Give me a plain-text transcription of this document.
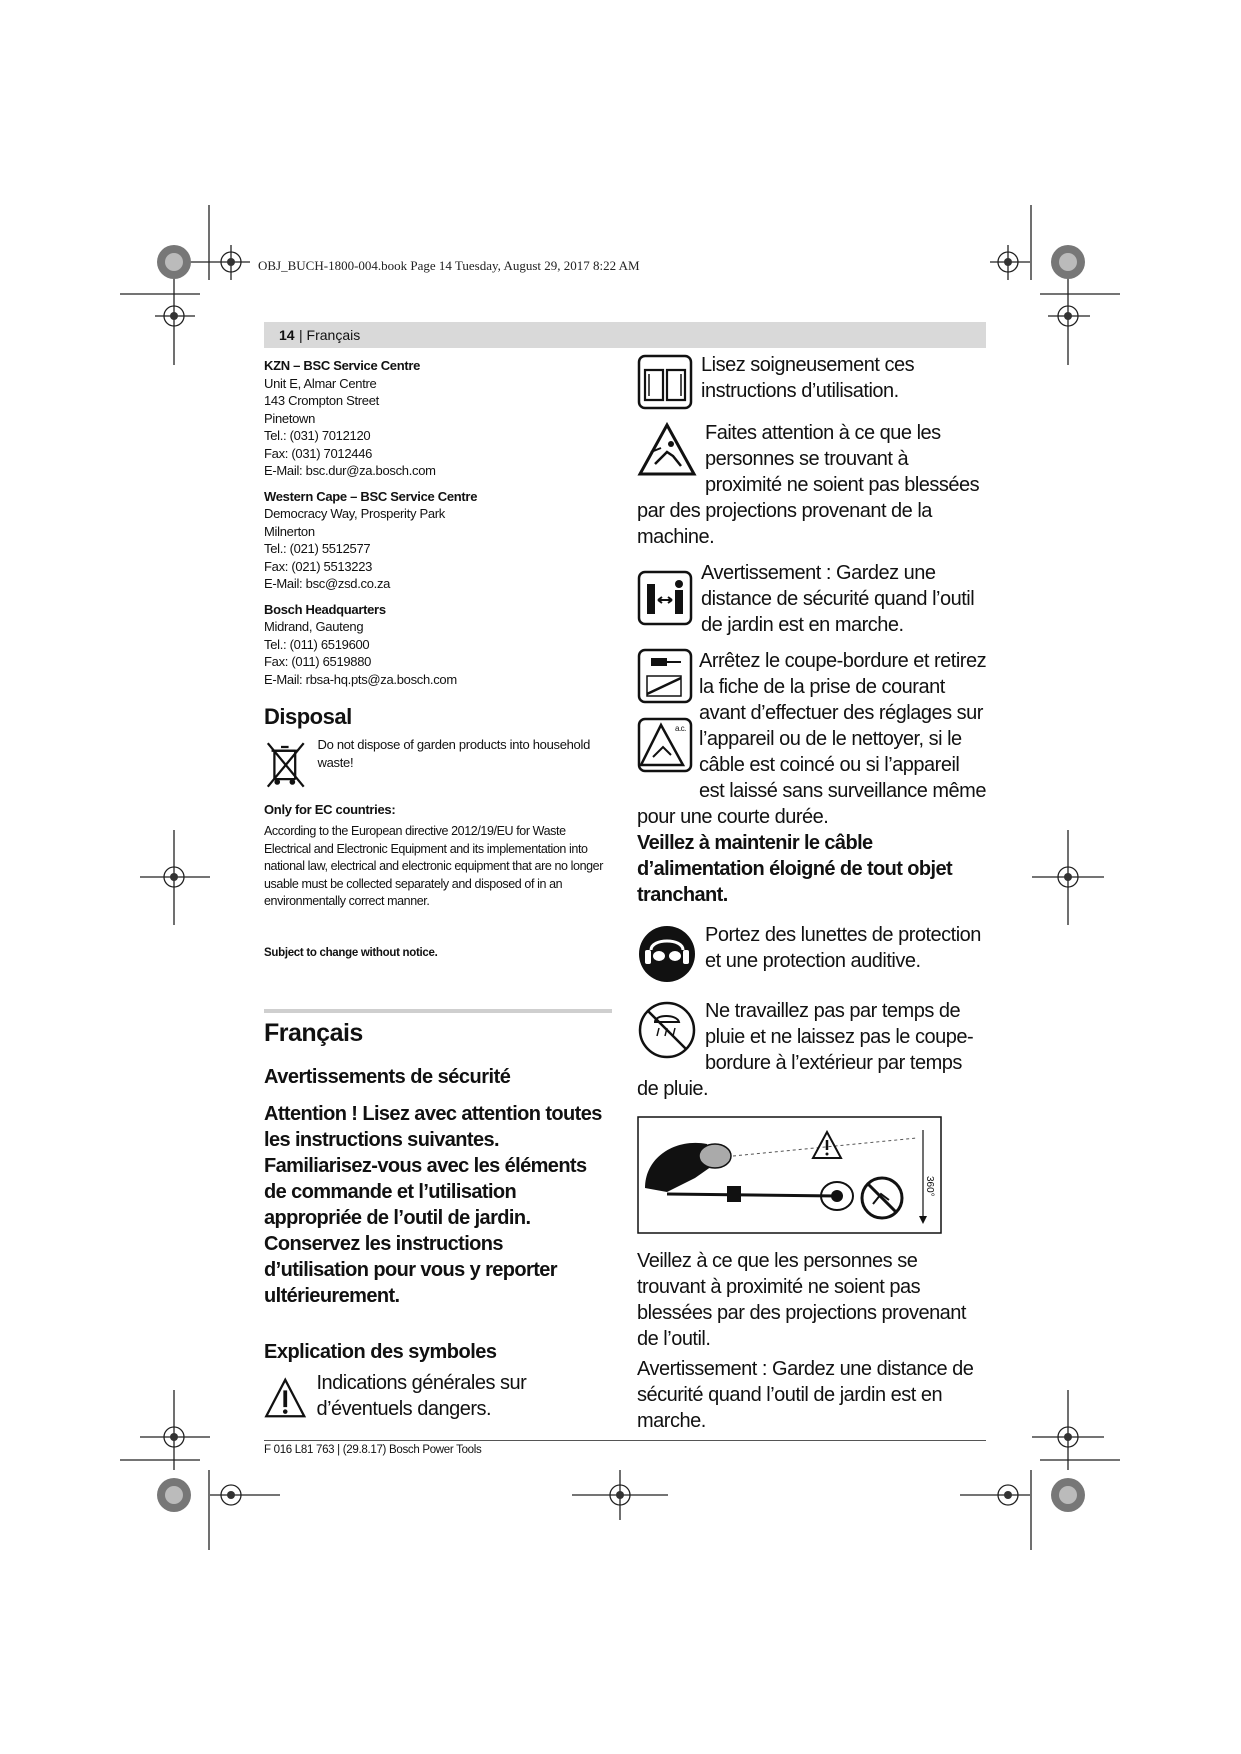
OBJ_BUCH-1800-004.book Page 14 Tuesday, August 29, 2017 8:22 AM
14 | Français
KZN – BSC Service Centre
Unit E, Almar Centre
143 Crompton Street
Pinetown
Tel.: (031) 7012120
Fax: (031) 7012446
E-Mail: bsc.dur@za.bosch.com
Western Cape – BSC Service Centre
Democracy Way, Prosperity Park
Milnerton
Tel.: (021) 5512577
Fax: (021) 5513223
E-Mail: bsc@zsd.co.za
Bosch Headquarters
Midrand, Gauteng
Tel.: (011) 6519600
Fax: (011) 6519880
E-Mail: rbsa-hq.pts@za.bosch.com
Disposal
Do not dispose of garden products into household waste!
Only for EC countries:
According to the European directive 2012/19/EU for Waste Electrical and Electronic Equipment and its implementation into national law, electrical and electronic equipment that are no longer usable must be collected separately and disposed of in an environmentally correct manner.
Subject to change without notice.
Français
Avertissements de sécurité
Attention ! Lisez avec attention toutes les instructions suivantes. Familiarisez-vous avec les éléments de commande et l’utilisation appropriée de l’outil de jardin. Conservez les instructions d’utilisation pour vous y reporter ultérieurement.
Explication des symboles
Indications générales sur d’éventuels dangers.
Lisez soigneusement ces instructions d’utilisation.
Faites attention à ce que les personnes se trouvant à proximité ne soient pas blessées par des projections provenant de la machine.
Avertissement : Gardez une distance de sécurité quand l’outil de jardin est en marche.

a.c.
Arrêtez le coupe-bordure et retirez la fiche de la prise de courant avant d’effectuer des réglages sur l’appareil ou de le nettoyer, si le câble est coincé ou si l’appareil est laissé sans surveillance même pour une courte durée.
Veillez à maintenir le câble d’alimentation éloigné de tout objet tranchant.
Portez des lunettes de protection et une protection auditive.
Ne travaillez pas par temps de pluie et ne laissez pas le coupe-bordure à l’extérieur par temps de pluie.
360°
Veillez à ce que les personnes se trouvant à proximité ne soient pas blessées par des projections provenant de l’outil.
Avertissement : Gardez une distance de sécurité quand l’outil de jardin est en marche.
F 016 L81 763 | (29.8.17) Bosch Power Tools
